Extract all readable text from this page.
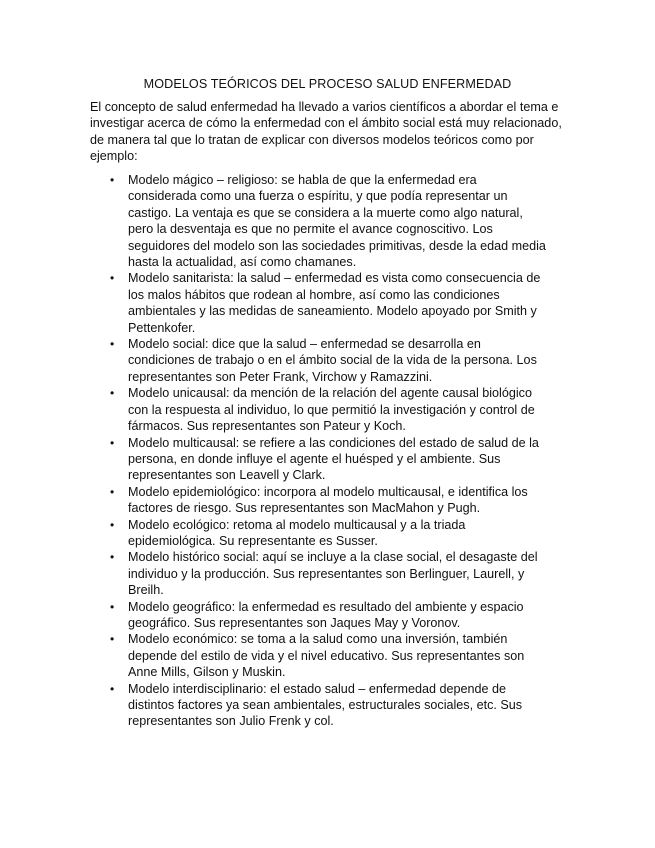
MODELOS TEÓRICOS DEL PROCESO SALUD ENFERMEDAD

El concepto de salud enfermedad ha llevado a varios científicos a abordar el tema e investigar acerca de cómo la enfermedad con el ámbito social está muy relacionado, de manera tal que lo tratan de explicar con diversos modelos teóricos como por ejemplo:

• Modelo mágico – religioso: se habla de que la enfermedad era considerada como una fuerza o espíritu, y que podía representar un castigo. La ventaja es que se considera a la muerte como algo natural, pero la desventaja es que no permite el avance cognoscitivo. Los seguidores del modelo son las sociedades primitivas, desde la edad media hasta la actualidad, así como chamanes.
• Modelo sanitarista: la salud – enfermedad es vista como consecuencia de los malos hábitos que rodean al hombre, así como las condiciones ambientales y las medidas de saneamiento. Modelo apoyado por Smith y Pettenkofer.
• Modelo social: dice que la salud – enfermedad se desarrolla en condiciones de trabajo o en el ámbito social de la vida de la persona. Los representantes son Peter Frank, Virchow y Ramazzini.
• Modelo unicausal: da mención de la relación del agente causal biológico con la respuesta al individuo, lo que permitió la investigación y control de fármacos. Sus representantes son Pateur y Koch.
• Modelo multicausal: se refiere a las condiciones del estado de salud de la persona, en donde influye el agente el huésped y el ambiente. Sus representantes son Leavell y Clark.
• Modelo epidemiológico: incorpora al modelo multicausal, e identifica los factores de riesgo. Sus representantes son MacMahon y Pugh.
• Modelo ecológico: retoma al modelo multicausal y a la triada epidemiológica. Su representante es Susser.
• Modelo histórico social: aquí se incluye a la clase social, el desagaste del individuo y la producción. Sus representantes son Berlinguer, Laurell, y Breilh.
• Modelo geográfico: la enfermedad es resultado del ambiente y espacio geográfico. Sus representantes son Jaques May y Voronov.
• Modelo económico: se toma a la salud como una inversión, también depende del estilo de vida y el nivel educativo. Sus representantes son Anne Mills, Gilson y Muskin.
• Modelo interdisciplinario: el estado salud – enfermedad depende de distintos factores ya sean ambientales, estructurales sociales, etc. Sus representantes son Julio Frenk y col.
